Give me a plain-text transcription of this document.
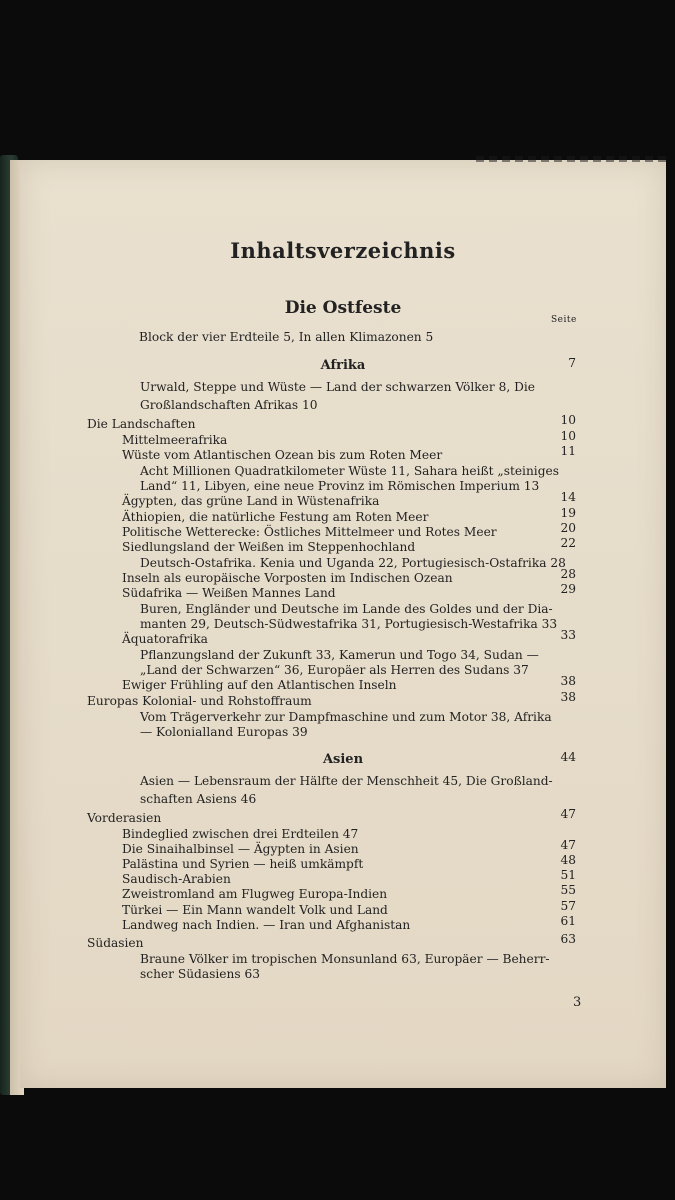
Inhaltsverzeichnis
Die Ostfeste
Seite
Block der vier Erdteile 5, In allen Klimazonen 5
Afrika	7
Urwald, Steppe und Wüste — Land der schwarzen Völker 8, Die
Großlandschaften Afrikas 10
Die Landschaften	10
Mittelmeerafrika	10
Wüste vom Atlantischen Ozean bis zum Roten Meer	11
Acht Millionen Quadratkilometer Wüste 11, Sahara heißt „steiniges
Land“ 11, Libyen, eine neue Provinz im Römischen Imperium 13
Ägypten, das grüne Land in Wüstenafrika	14
Äthiopien, die natürliche Festung am Roten Meer	19
Politische Wetterecke: Östliches Mittelmeer und Rotes Meer	20
Siedlungsland der Weißen im Steppenhochland	22
Deutsch-Ostafrika. Kenia und Uganda 22, Portugiesisch-Ostafrika 28
Inseln als europäische Vorposten im Indischen Ozean	28
Südafrika — Weißen Mannes Land	29
Buren, Engländer und Deutsche im Lande des Goldes und der Dia-
manten 29, Deutsch-Südwestafrika 31, Portugiesisch-Westafrika 33
Äquatorafrika	33
Pflanzungsland der Zukunft 33, Kamerun und Togo 34, Sudan —
„Land der Schwarzen“ 36, Europäer als Herren des Sudans 37
Ewiger Frühling auf den Atlantischen Inseln	38
Europas Kolonial- und Rohstoffraum	38
Vom Trägerverkehr zur Dampfmaschine und zum Motor 38, Afrika
— Kolonialland Europas 39
Asien	44
Asien — Lebensraum der Hälfte der Menschheit 45, Die Großland-
schaften Asiens 46
Vorderasien	47
Bindeglied zwischen drei Erdteilen 47
Die Sinaihalbinsel — Ägypten in Asien	47
Palästina und Syrien — heiß umkämpft	48
Saudisch-Arabien	51
Zweistromland am Flugweg Europa-Indien	55
Türkei — Ein Mann wandelt Volk und Land	57
Landweg nach Indien. — Iran und Afghanistan	61
Südasien	63
Braune Völker im tropischen Monsunland 63, Europäer — Beherr-
scher Südasiens 63
3
